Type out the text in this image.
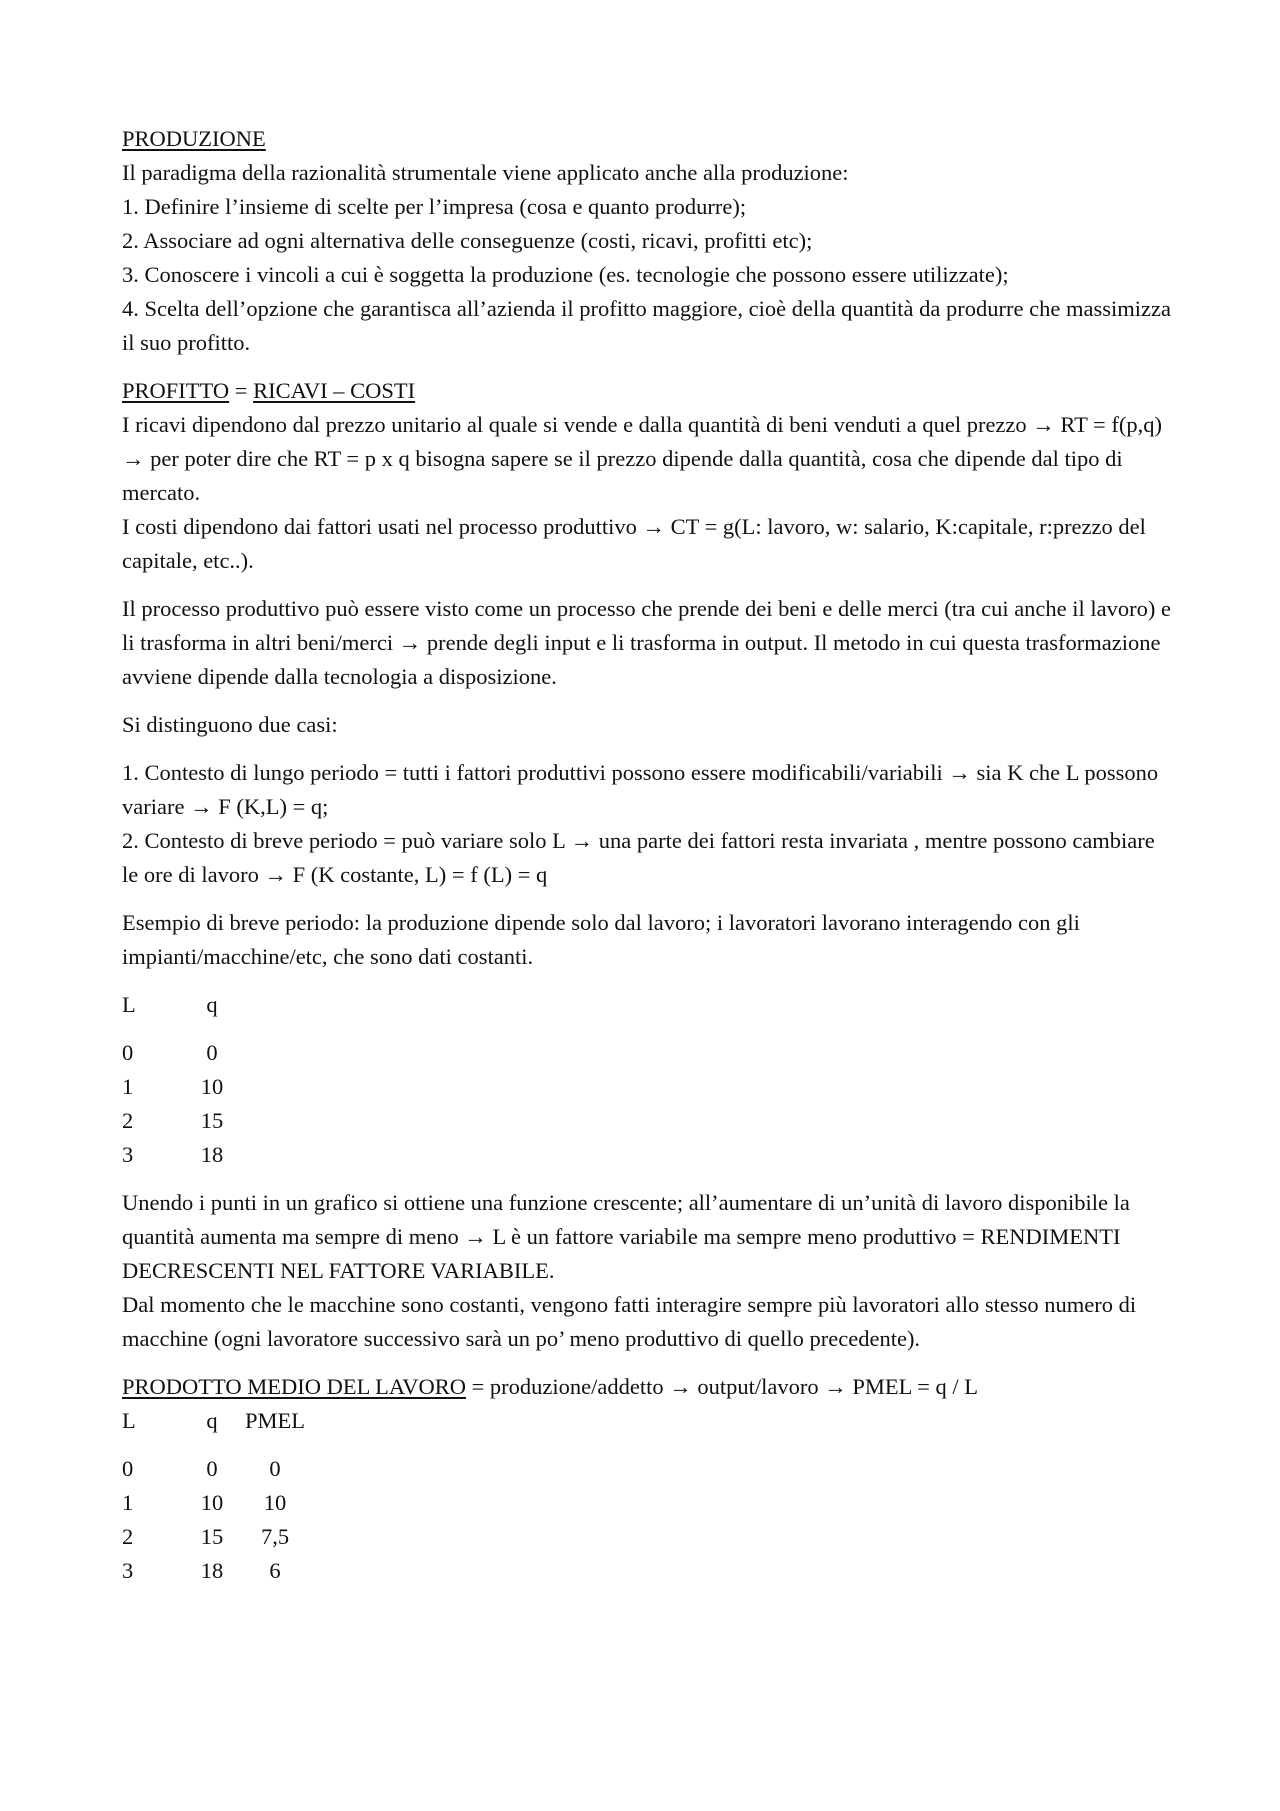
PRODUZIONE

Il paradigma della razionalità strumentale viene applicato anche alla produzione:

1. Definire l’insieme di scelte per l’impresa (cosa e quanto produrre);

2. Associare ad ogni alternativa delle conseguenze (costi, ricavi, profitti etc);

3. Conoscere i vincoli a cui è soggetta la produzione (es. tecnologie che possono essere utilizzate);

4. Scelta dell’opzione che garantisca all’azienda il profitto maggiore, cioè della quantità da produrre che massimizza il suo profitto.

PROFITTO = RICAVI – COSTI

I ricavi dipendono dal prezzo unitario al quale si vende e dalla quantità di beni venduti a quel prezzo → RT = f(p,q) → per poter dire che RT = p x q bisogna sapere se il prezzo dipende dalla quantità, cosa che dipende dal tipo di mercato.

I costi dipendono dai fattori usati nel processo produttivo → CT = g(L: lavoro, w: salario, K:capitale, r:prezzo del capitale, etc..).

Il processo produttivo può essere visto come un processo che prende dei beni e delle merci (tra cui anche il lavoro) e li trasforma in altri beni/merci → prende degli input e li trasforma in output. Il metodo in cui questa trasformazione avviene dipende dalla tecnologia a disposizione.

Si distinguono due casi:

1. Contesto di lungo periodo = tutti i fattori produttivi possono essere modificabili/variabili → sia K che L possono variare → F (K,L) = q;

2. Contesto di breve periodo = può variare solo L → una parte dei fattori resta invariata , mentre possono cambiare le ore di lavoro → F (K costante, L) = f (L) = q

Esempio di breve periodo: la produzione dipende solo dal lavoro; i lavoratori lavorano interagendo con gli impianti/macchine/etc, che sono dati costanti.

L	q
0	0
1	10
2	15
3	18

Unendo i punti in un grafico si ottiene una funzione crescente; all’aumentare di un’unità di lavoro disponibile la quantità aumenta ma sempre di meno → L è un fattore variabile ma sempre meno produttivo = RENDIMENTI DECRESCENTI NEL FATTORE VARIABILE.

Dal momento che le macchine sono costanti, vengono fatti interagire sempre più lavoratori allo stesso numero di macchine (ogni lavoratore successivo sarà un po’ meno produttivo di quello precedente).

PRODOTTO MEDIO DEL LAVORO = produzione/addetto → output/lavoro → PMEL = q / L

L	q	PMEL
0	0	0
1	10	10
2	15	7,5
3	18	6
